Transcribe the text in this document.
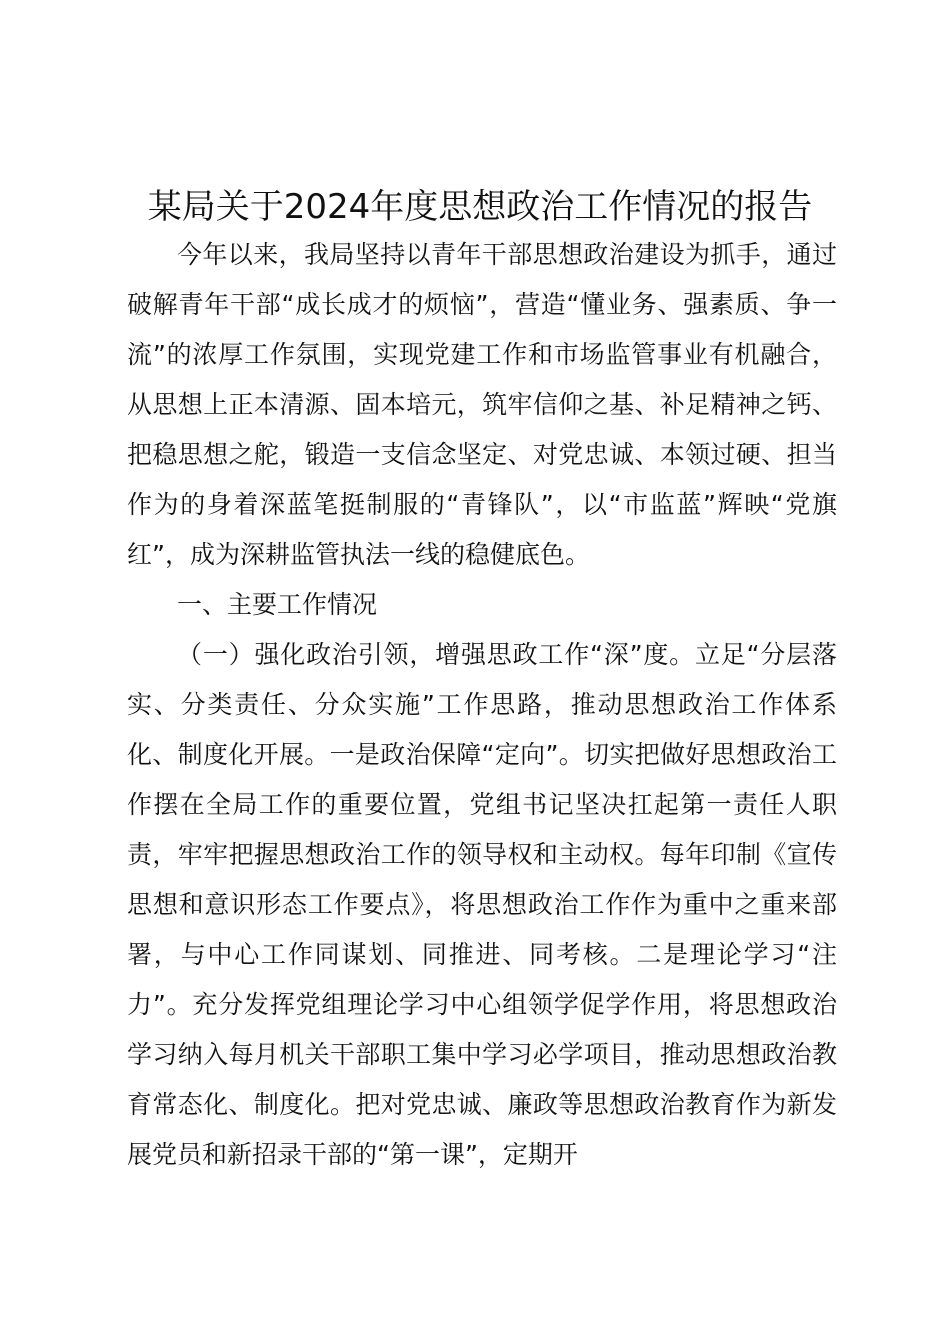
某局关于2024年度思想政治工作情况的报告

今年以来，我局坚持以青年干部思想政治建设为抓手，通过破解青年干部“成长成才的烦恼”，营造“懂业务、强素质、争一流”的浓厚工作氛围，实现党建工作和市场监管事业有机融合，从思想上正本清源、固本培元，筑牢信仰之基、补足精神之钙、把稳思想之舵，锻造一支信念坚定、对党忠诚、本领过硬、担当作为的身着深蓝笔挺制服的“青锋队”，以“市监蓝”辉映“党旗红”，成为深耕监管执法一线的稳健底色。

一、主要工作情况

（一）强化政治引领，增强思政工作“深”度。立足“分层落实、分类责任、分众实施”工作思路，推动思想政治工作体系化、制度化开展。一是政治保障“定向”。切实把做好思想政治工作摆在全局工作的重要位置，党组书记坚决扛起第一责任人职责，牢牢把握思想政治工作的领导权和主动权。每年印制《宣传思想和意识形态工作要点》，将思想政治工作作为重中之重来部署，与中心工作同谋划、同推进、同考核。二是理论学习“注力”。充分发挥党组理论学习中心组领学促学作用，将思想政治学习纳入每月机关干部职工集中学习必学项目，推动思想政治教育常态化、制度化。把对党忠诚、廉政等思想政治教育作为新发展党员和新招录干部的“第一课”，定期开
